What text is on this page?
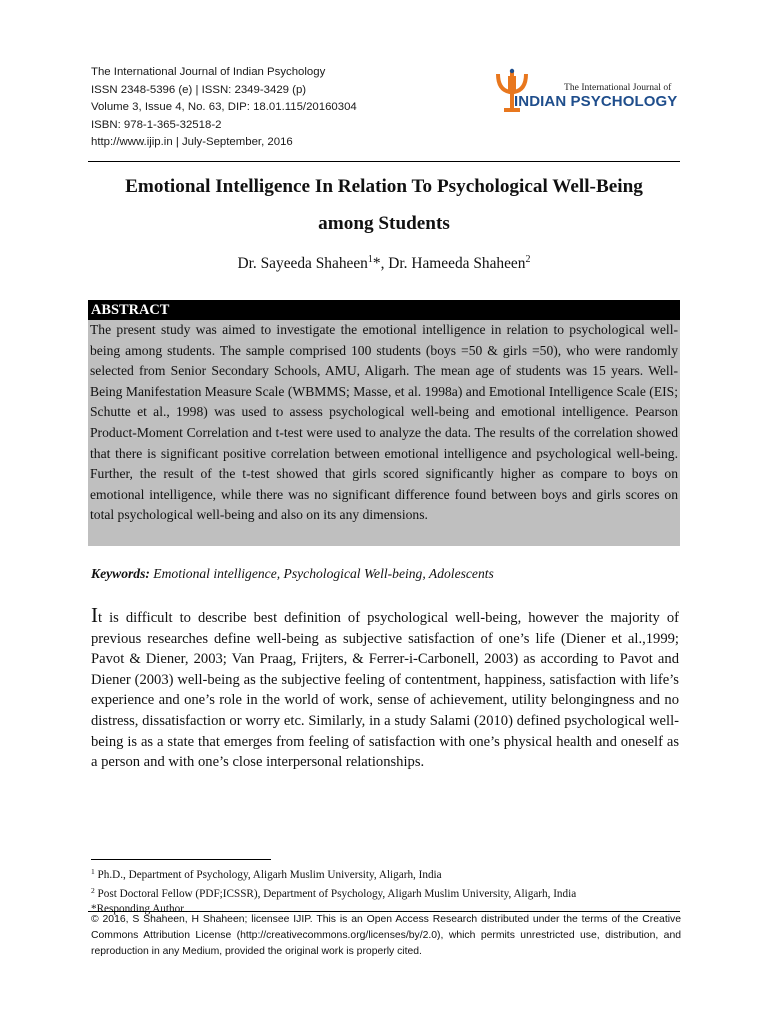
The International Journal of Indian Psychology
ISSN 2348-5396 (e) | ISSN: 2349-3429 (p)
Volume 3, Issue 4, No. 63, DIP: 18.01.115/20160304
ISBN: 978-1-365-32518-2
http://www.ijip.in | July-September, 2016
The International Journal of
INDIAN PSYCHOLOGY
Emotional Intelligence In Relation To Psychological Well-Being
among Students
Dr. Sayeeda Shaheen$^1$*, Dr. Hameeda Shaheen$^2$
ABSTRACT
The present study was aimed to investigate the emotional intelligence in relation to psychological well-being among students. The sample comprised 100 students (boys =50 & girls =50), who were randomly selected from Senior Secondary Schools, AMU, Aligarh. The mean age of students was 15 years. Well-Being Manifestation Measure Scale (WBMMS; Masse, et al. 1998a) and Emotional Intelligence Scale (EIS; Schutte et al., 1998) was used to assess psychological well-being and emotional intelligence. Pearson Product-Moment Correlation and t-test were used to analyze the data. The results of the correlation showed that there is significant positive correlation between emotional intelligence and psychological well-being. Further, the result of the t-test showed that girls scored significantly higher as compare to boys on emotional intelligence, while there was no significant difference found between boys and girls scores on total psychological well-being and also on its any dimensions.
Keywords: Emotional intelligence, Psychological Well-being, Adolescents
It is difficult to describe best definition of psychological well-being, however the majority of previous researches define well-being as subjective satisfaction of one’s life (Diener et al.,1999; Pavot & Diener, 2003; Van Praag, Frijters, & Ferrer-i-Carbonell, 2003) as according to Pavot and Diener (2003) well-being as the subjective feeling of contentment, happiness, satisfaction with life’s experience and one’s role in the world of work, sense of achievement, utility belongingness and no distress, dissatisfaction or worry etc. Similarly, in a study Salami (2010) defined psychological well-being is as a state that emerges from feeling of satisfaction with one’s physical health and oneself as a person and with one’s close interpersonal relationships.
$^1$ Ph.D., Department of Psychology, Aligarh Muslim University, Aligarh, India
$^2$ Post Doctoral Fellow (PDF;ICSSR), Department of Psychology, Aligarh Muslim University, Aligarh, India
*Responding Author
© 2016, S Shaheen, H Shaheen; licensee IJIP. This is an Open Access Research distributed under the terms of the Creative Commons Attribution License (http://creativecommons.org/licenses/by/2.0), which permits unrestricted use, distribution, and reproduction in any Medium, provided the original work is properly cited.
